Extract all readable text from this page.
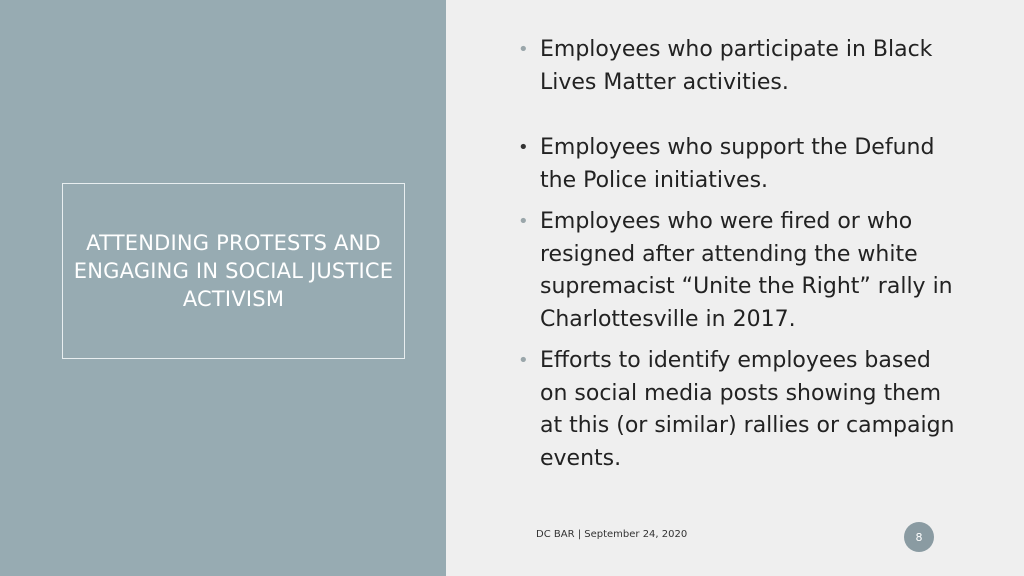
ATTENDING PROTESTS AND ENGAGING IN SOCIAL JUSTICE ACTIVISM

• Employees who participate in Black Lives Matter activities.
• Employees who support the Defund the Police initiatives.
• Employees who were fired or who resigned after attending the white supremacist “Unite the Right” rally in Charlottesville in 2017.
• Efforts to identify employees based on social media posts showing them at this (or similar) rallies or campaign events.
DC BAR | September 24, 2020	8
